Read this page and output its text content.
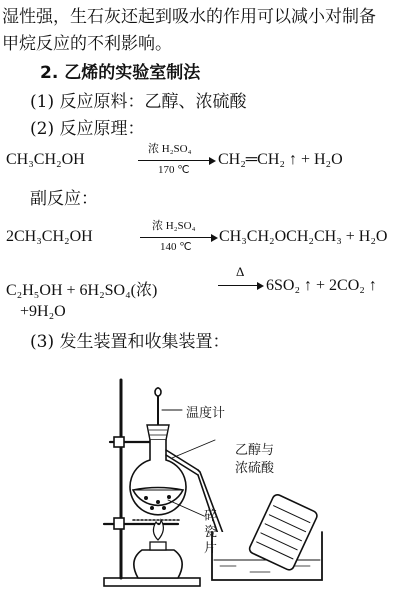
湿性强，生石灰还起到吸水的作用可以减小对制备
甲烷反应的不利影响。
2. 乙烯的实验室制法
(1) 反应原料：乙醇、浓硫酸
(2) 反应原理：
CH₃CH₂OH
浓 H₂SO₄
170 ℃
CH₂═CH₂ ↑ + H₂O
副反应：
2CH₃CH₂OH
浓 H₂SO₄
140 ℃
CH₃CH₂OCH₂CH₃ + H₂O
C₂H₅OH + 6H₂SO₄(浓)
Δ
6SO₂ ↑ + 2CO₂ ↑
+9H₂O
(3) 发生装置和收集装置：
温度计
乙醇与
浓硫酸
碎
瓷
片
